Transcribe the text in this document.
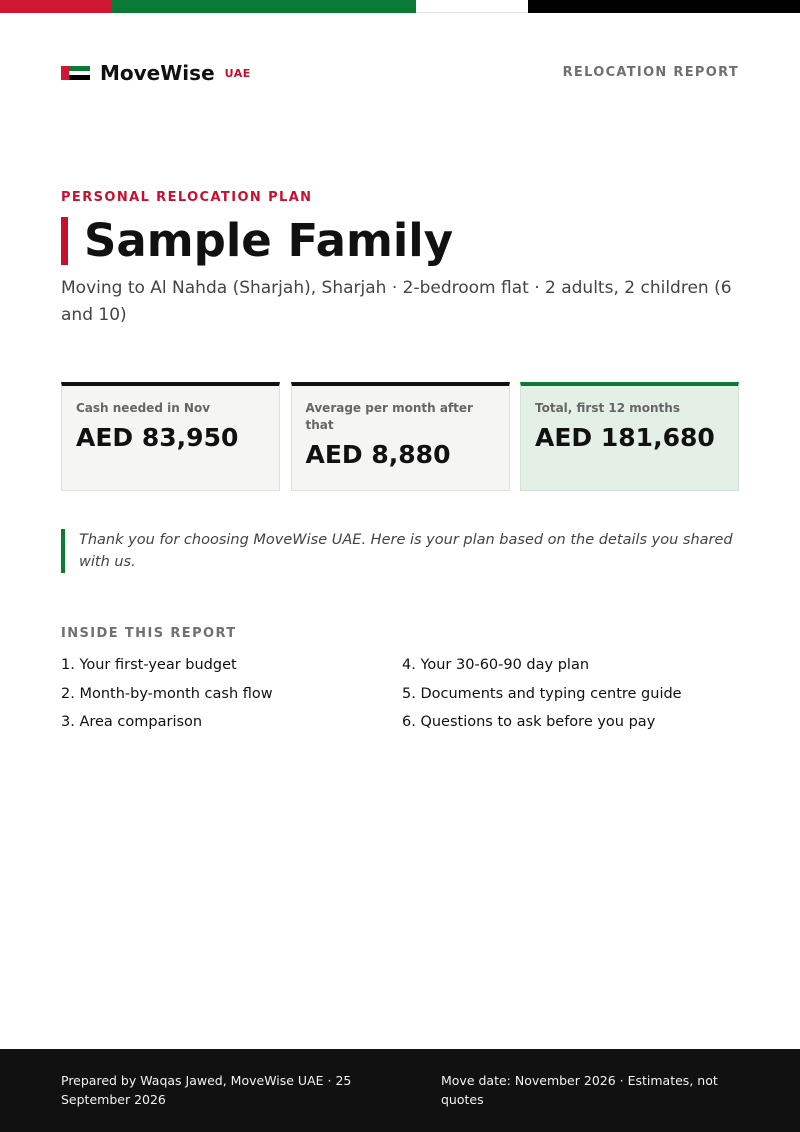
MoveWise UAE	RELOCATION REPORT
PERSONAL RELOCATION PLAN
Sample Family
Moving to Al Nahda (Sharjah), Sharjah · 2-bedroom flat · 2 adults, 2 children (6 and 10)
Cash needed in Nov
AED 83,950
Average per month after that
AED 8,880
Total, first 12 months
AED 181,680
Thank you for choosing MoveWise UAE. Here is your plan based on the details you shared with us.
INSIDE THIS REPORT
1. Your first-year budget
2. Month-by-month cash flow
3. Area comparison
4. Your 30-60-90 day plan
5. Documents and typing centre guide
6. Questions to ask before you pay
Prepared by Waqas Jawed, MoveWise UAE · 25 September 2026
Move date: November 2026 · Estimates, not quotes
